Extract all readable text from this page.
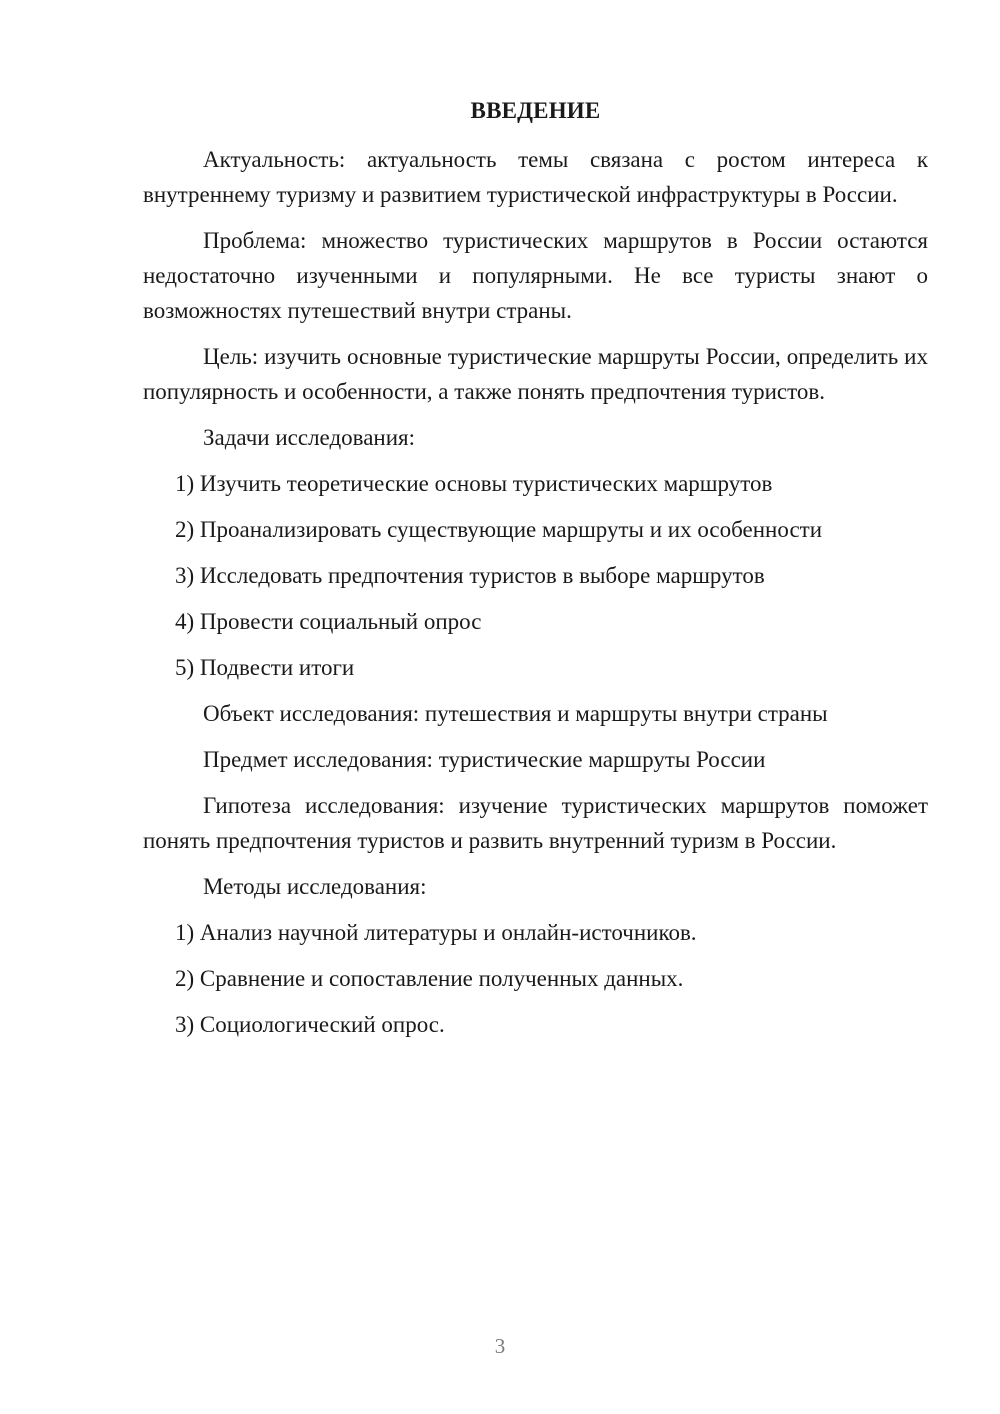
ВВЕДЕНИЕ

Актуальность: актуальность темы связана с ростом интереса к внутреннему туризму и развитием туристической инфраструктуры в России.

Проблема: множество туристических маршрутов в России остаются недостаточно изученными и популярными. Не все туристы знают о возможностях путешествий внутри страны.

Цель: изучить основные туристические маршруты России, определить их популярность и особенности, а также понять предпочтения туристов.

Задачи исследования:
1) Изучить теоретические основы туристических маршрутов
2) Проанализировать существующие маршруты и их особенности
3) Исследовать предпочтения туристов в выборе маршрутов
4) Провести социальный опрос
5) Подвести итоги
Объект исследования: путешествия и маршруты внутри страны
Предмет исследования: туристические маршруты России

Гипотеза исследования: изучение туристических маршрутов поможет понять предпочтения туристов и развить внутренний туризм в России.

Методы исследования:
1) Анализ научной литературы и онлайн-источников.
2) Сравнение и сопоставление полученных данных.
3) Социологический опрос.
3
